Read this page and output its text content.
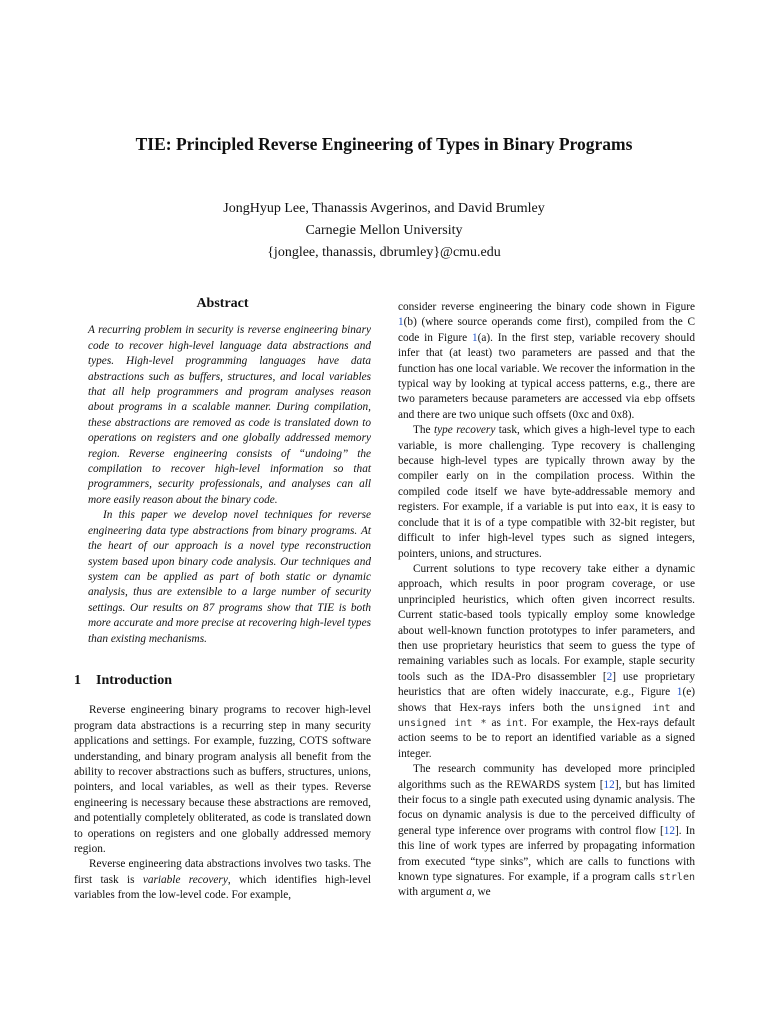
TIE: Principled Reverse Engineering of Types in Binary Programs
JongHyup Lee, Thanassis Avgerinos, and David Brumley
Carnegie Mellon University
{jonglee, thanassis, dbrumley}@cmu.edu
Abstract

A recurring problem in security is reverse engineering binary code to recover high-level language data abstractions and types. High-level programming languages have data abstractions such as buffers, structures, and local variables that all help programmers and program analyses reason about programs in a scalable manner. During compilation, these abstractions are removed as code is translated down to operations on registers and one globally addressed memory region. Reverse engineering consists of “undoing” the compilation to recover high-level information so that programmers, security professionals, and analyses can all more easily reason about the binary code.

In this paper we develop novel techniques for reverse engineering data type abstractions from binary programs. At the heart of our approach is a novel type reconstruction system based upon binary code analysis. Our techniques and system can be applied as part of both static or dynamic analysis, thus are extensible to a large number of security settings. Our results on 87 programs show that TIE is both more accurate and more precise at recovering high-level types than existing mechanisms.

1 Introduction

Reverse engineering binary programs to recover high-level program data abstractions is a recurring step in many security applications and settings. For example, fuzzing, COTS software understanding, and binary program analysis all benefit from the ability to recover abstractions such as buffers, structures, unions, pointers, and local variables, as well as their types. Reverse engineering is necessary because these abstractions are removed, and potentially completely obliterated, as code is translated down to operations on registers and one globally addressed memory region.

Reverse engineering data abstractions involves two tasks. The first task is variable recovery, which identifies high-level variables from the low-level code. For example,

consider reverse engineering the binary code shown in Figure 1(b) (where source operands come first), compiled from the C code in Figure 1(a). In the first step, variable recovery should infer that (at least) two parameters are passed and that the function has one local variable. We recover the information in the typical way by looking at typical access patterns, e.g., there are two parameters because parameters are accessed via ebp offsets and there are two unique such offsets (0xc and 0x8).

The type recovery task, which gives a high-level type to each variable, is more challenging. Type recovery is challenging because high-level types are typically thrown away by the compiler early on in the compilation process. Within the compiled code itself we have byte-addressable memory and registers. For example, if a variable is put into eax, it is easy to conclude that it is of a type compatible with 32-bit register, but difficult to infer high-level types such as signed integers, pointers, unions, and structures.

Current solutions to type recovery take either a dynamic approach, which results in poor program coverage, or use unprincipled heuristics, which often given incorrect results. Current static-based tools typically employ some knowledge about well-known function prototypes to infer parameters, and then use proprietary heuristics that seem to guess the type of remaining variables such as locals. For example, staple security tools such as the IDA-Pro disassembler [2] use proprietary heuristics that are often widely inaccurate, e.g., Figure 1(e) shows that Hex-rays infers both the unsigned int and unsigned int * as int. For example, the Hex-rays default action seems to be to report an identified variable as a signed integer.

The research community has developed more principled algorithms such as the REWARDS system [12], but has limited their focus to a single path executed using dynamic analysis. The focus on dynamic analysis is due to the perceived difficulty of general type inference over programs with control flow [12]. In this line of work types are inferred by propagating information from executed “type sinks”, which are calls to functions with known type signatures. For example, if a program calls strlen with argument a, we
